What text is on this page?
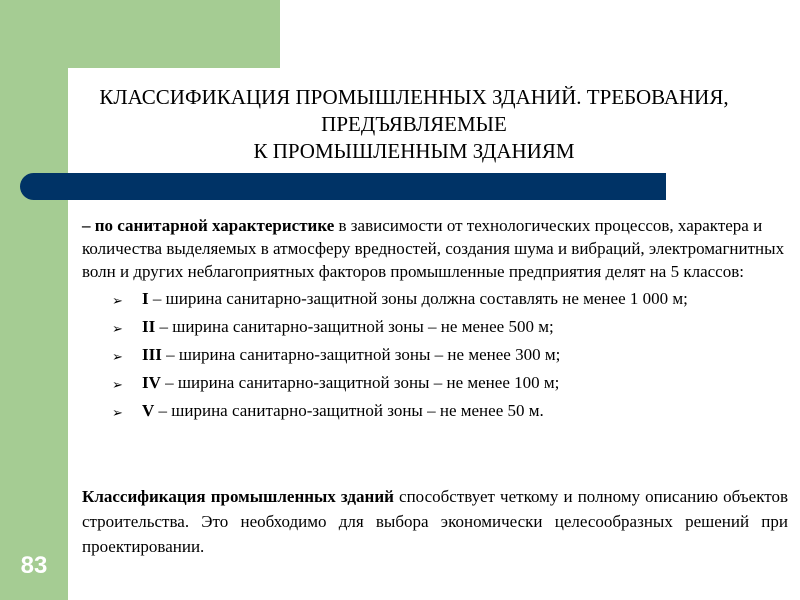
КЛАССИФИКАЦИЯ ПРОМЫШЛЕННЫХ ЗДАНИЙ. ТРЕБОВАНИЯ,
ПРЕДЪЯВЛЯЕМЫЕ
К ПРОМЫШЛЕННЫМ ЗДАНИЯМ

– по санитарной характеристике в зависимости от технологических процессов, характера и количества выделяемых в атмосферу вредностей, создания шума и вибраций, электромагнитных волн и других неблагоприятных факторов промышленные предприятия делят на 5 классов:

➢ I – ширина санитарно-защитной зоны должна составлять не менее 1 000 м;
➢ II – ширина санитарно-защитной зоны – не менее 500 м;
➢ III – ширина санитарно-защитной зоны – не менее 300 м;
➢ IV – ширина санитарно-защитной зоны – не менее 100 м;
➢ V – ширина санитарно-защитной зоны – не менее 50 м.

Классификация промышленных зданий способствует четкому и полному описанию объектов строительства. Это необходимо для выбора экономически целесообразных решений при проектировании.

83
